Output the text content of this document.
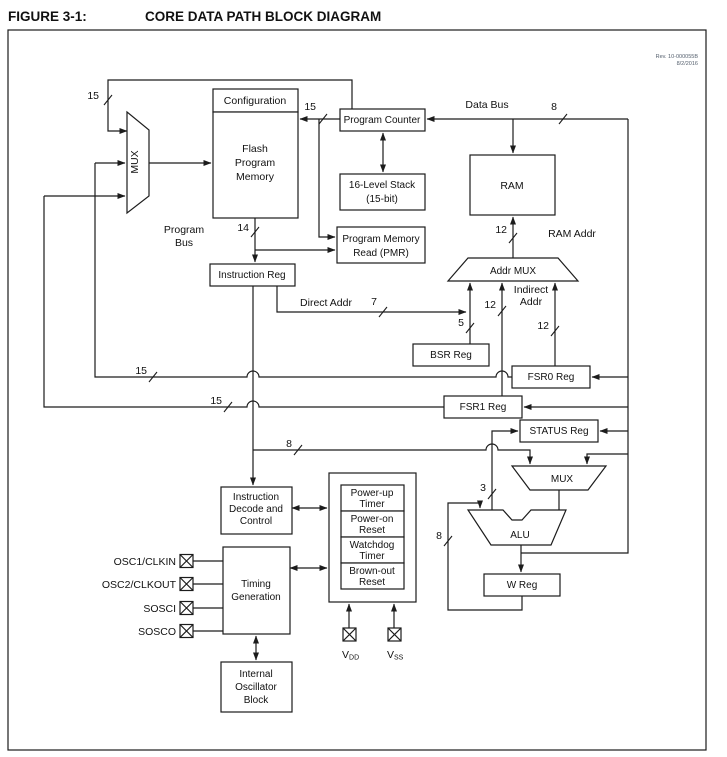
FIGURE 3-1:	CORE DATA PATH BLOCK DIAGRAM
Rev. 10-000055B
8/2/2016
15
15	8
14
7
12
5
12
12
15
15
8
3
8
Data Bus
RAM Addr
Program
Bus
Direct Addr
Indirect
Addr
Configuration
Flash
Program
Memory
Program Counter
16-Level Stack
(15-bit)
RAM
Program Memory
Read (PMR)
Instruction Reg
BSR Reg
FSR0 Reg
FSR1 Reg
STATUS Reg
W Reg
Instruction
Decode and
Control
Timing
Generation
Internal
Oscillator
Block
Power-up
Timer
Power-on
Reset
Watchdog
Timer
Brown-out
Reset
MUX
Addr MUX
MUX
ALU
OSC1/CLKIN
OSC2/CLKOUT
SOSCI
SOSCO
VDD	VSS
